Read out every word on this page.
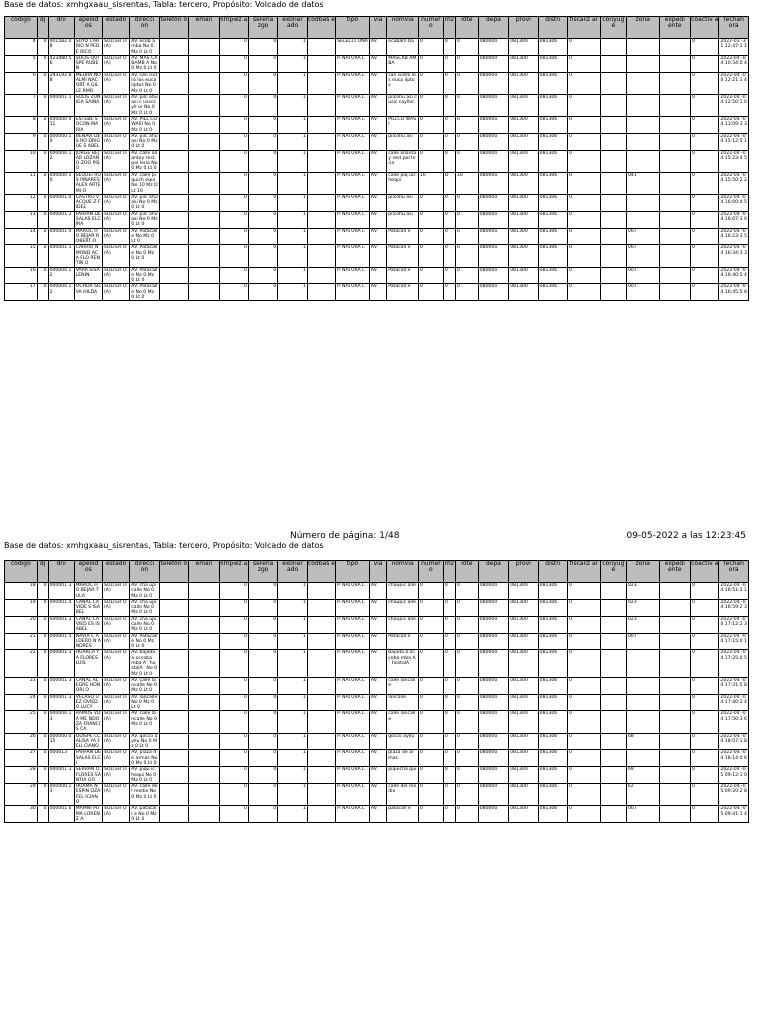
Base de datos: xmhgxaau_sisrentas, Tabla: tercero, Propósito: Volcado de datos
codigo	dj	dni	apellid os	estado	direcci on	telefon o	email	limpiez a	serena zgo	exoner ado	codbas e	tipo	via	nomvia	numer o	mz	lote	depa	provi	distri	fiscaliz ar	conyug e	zona	expedi ente	coactiv a	fechah ora
4	0	401582 08	SUYO CARRIO N PEDE RICO	SOLTER O (A)	AV. ecob amba No 0 Mz 0 Lt 0			0	0	1		SELECCI ONA	AV.	ocobam ba	0	0	0	080000	081300	081306	0				0	2022-03 -31 12:47:1 1
5	0	423480 56	SOLIS QUISPE RUBEN	SOLTER O (A)	AV. MAS CABAMB A No 0 Mz 0 Lt 0			0	0	1		P. NATURA L	AV.	MASCAB AMBA	0	0	0	080000	081300	081306	0				0	2022-04 -04 10:34:0 4
6	0	293192 88	MEDRA NO ALMI NACORT A GILLE RMO	SOLTER O (A)	AV. san isidro los euca liptos No 0 Mz 0 Lt 0			0	0	1		P. NATURA L	AV.	san isidro los euca liptos	0	0	0	080000	081300	081306	0				0	2022-04 -04 12:21:1 4
7	0	000001 1	SOLIS ZUNIGA SAINA	SOLTER O (A)	AV. pilc ahuasi c uscccyll or No 0 Mz 0 Lt 0			0	0	1		P. NATURA L	AV.	pilcohu asi cusic cayllor	0	0	0	080000	081300	081306	0				0	2022-04 -04 12:50:1 0
8	0	000000 011	ESTEBE S OCON MARIA	SOLTER O (A)	AV. PILL COWASI No 0 Mz 0 Lt 0			0	0	1		P. NATURA L	AV.	PILLCO WASI	0	0	0	080000	081300	081306	0				0	2022-04 -04 13:09:3 3
9	0	000000 10	BENAVI DES RO DRIGUE S ABEL	SOLTER O (A)	AV. pilc ahuasi No 0 Mz 0 Lt 0			0	0	1		P. NATURA L	AV.	pilcohu asi	0	0	0	080000	081300	081306	0				0	2022-04 -04 15:12:5 1
10	0	000000 12	JORGE BEJAR LOZANO ZOO PISO	SOLTER O (A)	AV. calle ollantay rest.pol leria No 0 Mz 0 Lt 0			0	0	1		P. NATURA L	AV.	calle ollantay rest.pol leria	0	0	0	080000	081300	081306	0				0	2022-04 -04 15:23:4 5
11	0	000000 10	SEQUEI ROS PINARES ALEX ARTEMI O	SOLTER O (A)	AV. calle piquich equi No 10 Mz D Lt 10			0	0	1		P. NATURA L	AV.	calle piq uichequi	10	D	10	080000	081300	081306	0		041		0	2022-04 -04 15:50:2 2
12	0	000001 0	CASTRO VACQUE Z FIDEL	SOLTER O (A)	AV. pilc ahuasi No 0 Mz 0 Lt 0			0	0	1		P. NATURA L	AV.	pilcohu asi	0	0	0	080000	081300	081306	0				0	2022-04 -04 16:00:4 5
13	0	000001 2	FARFAN DE SALAS ELCIRA	SOLTER O (A)	AV. pilc ahuasi No 0 Mz 0 Lt 0			0	0	1		P. NATURA L	AV.	pilcohu asi	0	0	0	080000	081300	081306	0				0	2022-04 -04 16:07:3 0
14	0	000001 0	MAROC HO BEJAR ROBERT O	SOLTER O (A)	AV. Patacall e No Mz 0 Lt 0			0	0	1		P. NATURA L	AV.	Patacall e	0	0	0	080000	081300	081306	0		007		0	2022-04 -04 16:23:3 5
15	0	000001 1	CARRIO N MOND ACA FLO RENTIN O	SOLTER O (A)	AV. Patacall e No 0 Mz 0 Lt 0			0	0	1		P. NATURA L	AV.	Patacall e	0	0	0	080000	081300	081306	0		007		0	2022-04 -04 16:34:3 3
16	0	000000 12	VARA SISA LENIN	SOLTER O (A)	AV. Patacall e No 0 Mz 0 Lt 0			0	0	1		P. NATURA L	AV.	Patacall e	0	0	0	080000	081300	081306	0		007		0	2022-04 -04 16:40:5 4
17	0	000000 12	OCHOA SILVA HILDA	SOLTER O (A)	AV. Patacall e No 0 Mz 0 Lt 0			0	0	1		P. NATURA L	AV.	Patacall e	0	0	0	080000	081300	081306	0		007		0	2022-04 -04 16:45:5 8
Número de página: 1/48	09-05-2022 a las 12:23:45
Base de datos: xmhgxaau_sisrentas, Tabla: tercero, Propósito: Volcado de datos
codigo	dj	dni	apellid os	estado	direcci on	telefon o	email	limpiez a	serena zgo	exoner ado	codbas e	tipo	via	nomvia	numer o	mz	lote	depa	provi	distri	fiscaliz ar	conyug e	zona	expedi ente	coactiv a	fechah ora
18	0	000001 3	MAROC HO BEJAR TULA	SOLTER O (A)	AV. cha upicalle No 0 Mz 0 Lt 0			0	0	1		P. NATURA L	AV.	chaupic alle	0	0	0	080000	081300	081306	0		023		0	2022-04 -04 16:51:2 1
19	0	000001 4	CANAL CAVIDE S ISABEL	SOLTER O (A)	AV. cha upicalle No 0 Mz 0 Lt 0			0	0	1		P. NATURA L	AV.	chaupic alle	0	0	0	080000	081300	081306	0		023		0	2022-04 -04 16:59:2 3
20	0	000001 3	CANAL CAVIED ES ISABEL	SOLTER O (A)	AV. cha upicalle No 0 Mz 0 Lt 0			0	0	1		P. NATURA L	AV.	chaupic alle	0	0	0	080000	081300	081306	0		023		0	2022-04 -04 17:12:2 3
21	0	000001 5	NAVIA C ALDERO N ANDRES	SOLTER O (A)	AV. Patacall e No 0 Mz 0 Lt 0			0	0	1		P. NATURA L	AV.	Patacall e	0	0	0	080000	081300	081306	0		007		0	2022-04 -04 17:15:0 1
22	0	000001 1	HUARCA YA FLORES LUIS	SOLTER O (A)	AV. bajada a occoba mba A´ hostalA´ No 0 Mz 0 Lt 0			0	0	1		P. NATURA L	AV.	bajada a occoba mba A´ hostalA´	0	0	0	080000	081300	081306	0				0	2022-04 -04 17:25:0 5
23	0	000001 3	CANAL ALEGRE HONORI O	SOLTER O (A)	AV. calle lancalle No 0 Mz 0 Lt 0			0	0	1		P. NATURA L	AV.	calle lancalle	0	0	0	080000	081300	081306	0				0	2022-04 -04 17:31:5 8
24	0	000001 3	VELASQ UEZ OVIEDO LUCY	SOLTER O (A)	AV. lancalle No 0 Mz 0 Lt 0			0	0	1		P. NATURA L	AV.	lancalle	0	0	0	080000	081300	081306	0				0	2022-04 -04 17:40:2 4
25	0	000000 13	RAMOS VDA ME NDOZA FRANCIS CA	SOLTER O (A)	AV. calle lancalle No 0 Mz 0 Lt 0			0	0	1		P. NATURA L	AV.	calle lancalle	0	0	0	080000	081300	081306	0				0	2022-04 -04 17:50:3 6
26	0	000000 015	QUISPE CCALISA YA FELI CIANO	SOLTER O (A)	AV. qocco ayllu No 0 Mz 0 Lt 0			0	0	1		P. NATURA L	AV.	qocco ayllu	0	0	0	080000	081300	081306	0		68		0	2022-04 -04 18:07:1 8
27	0	000013	FARFAN DE SALAS ELCI	SOLTER O (A)	AV. plaza de armas No 0 Mz 0 Lt 0			0	0	1		P. NATURA L	AV.	plaza de armas	0	0	0	080000	081300	081306	0				0	2022-04 -04 18:14:0 6
28	0	000001 3	SERRAN O FLORES SANTIA GO	SOLTER O (A)	AV. piqu ichequi No 0 Mz 0 Lt 0			0	0	1		P. NATURA L	AV.	piquicha qui	0	0	0	080000	081300	081306	0		69		0	2022-04 -05 09:12:1 0
29	0	000000 13	HUAMA N ESPIN OZA FEL ICIANO	SOLTER O (A)	AV. calle del medio No 0 Mz 0 Lt 0			0	0	1		P. NATURA L	AV.	calle del medio	0	0	0	080000	081300	081306	0		62		0	2022-04 -05 09:20:2 8
30	0	000001 6	MAMNI PUMA LORENZ A	SOLTER O (A)	AV. patacall e No 0 Mz 0 Lt 0			0	0	1		P. NATURA L	AV.	patacall e	0	0	0	080000	081300	081306	0		007		0	2022-04 -05 09:41:1 4
